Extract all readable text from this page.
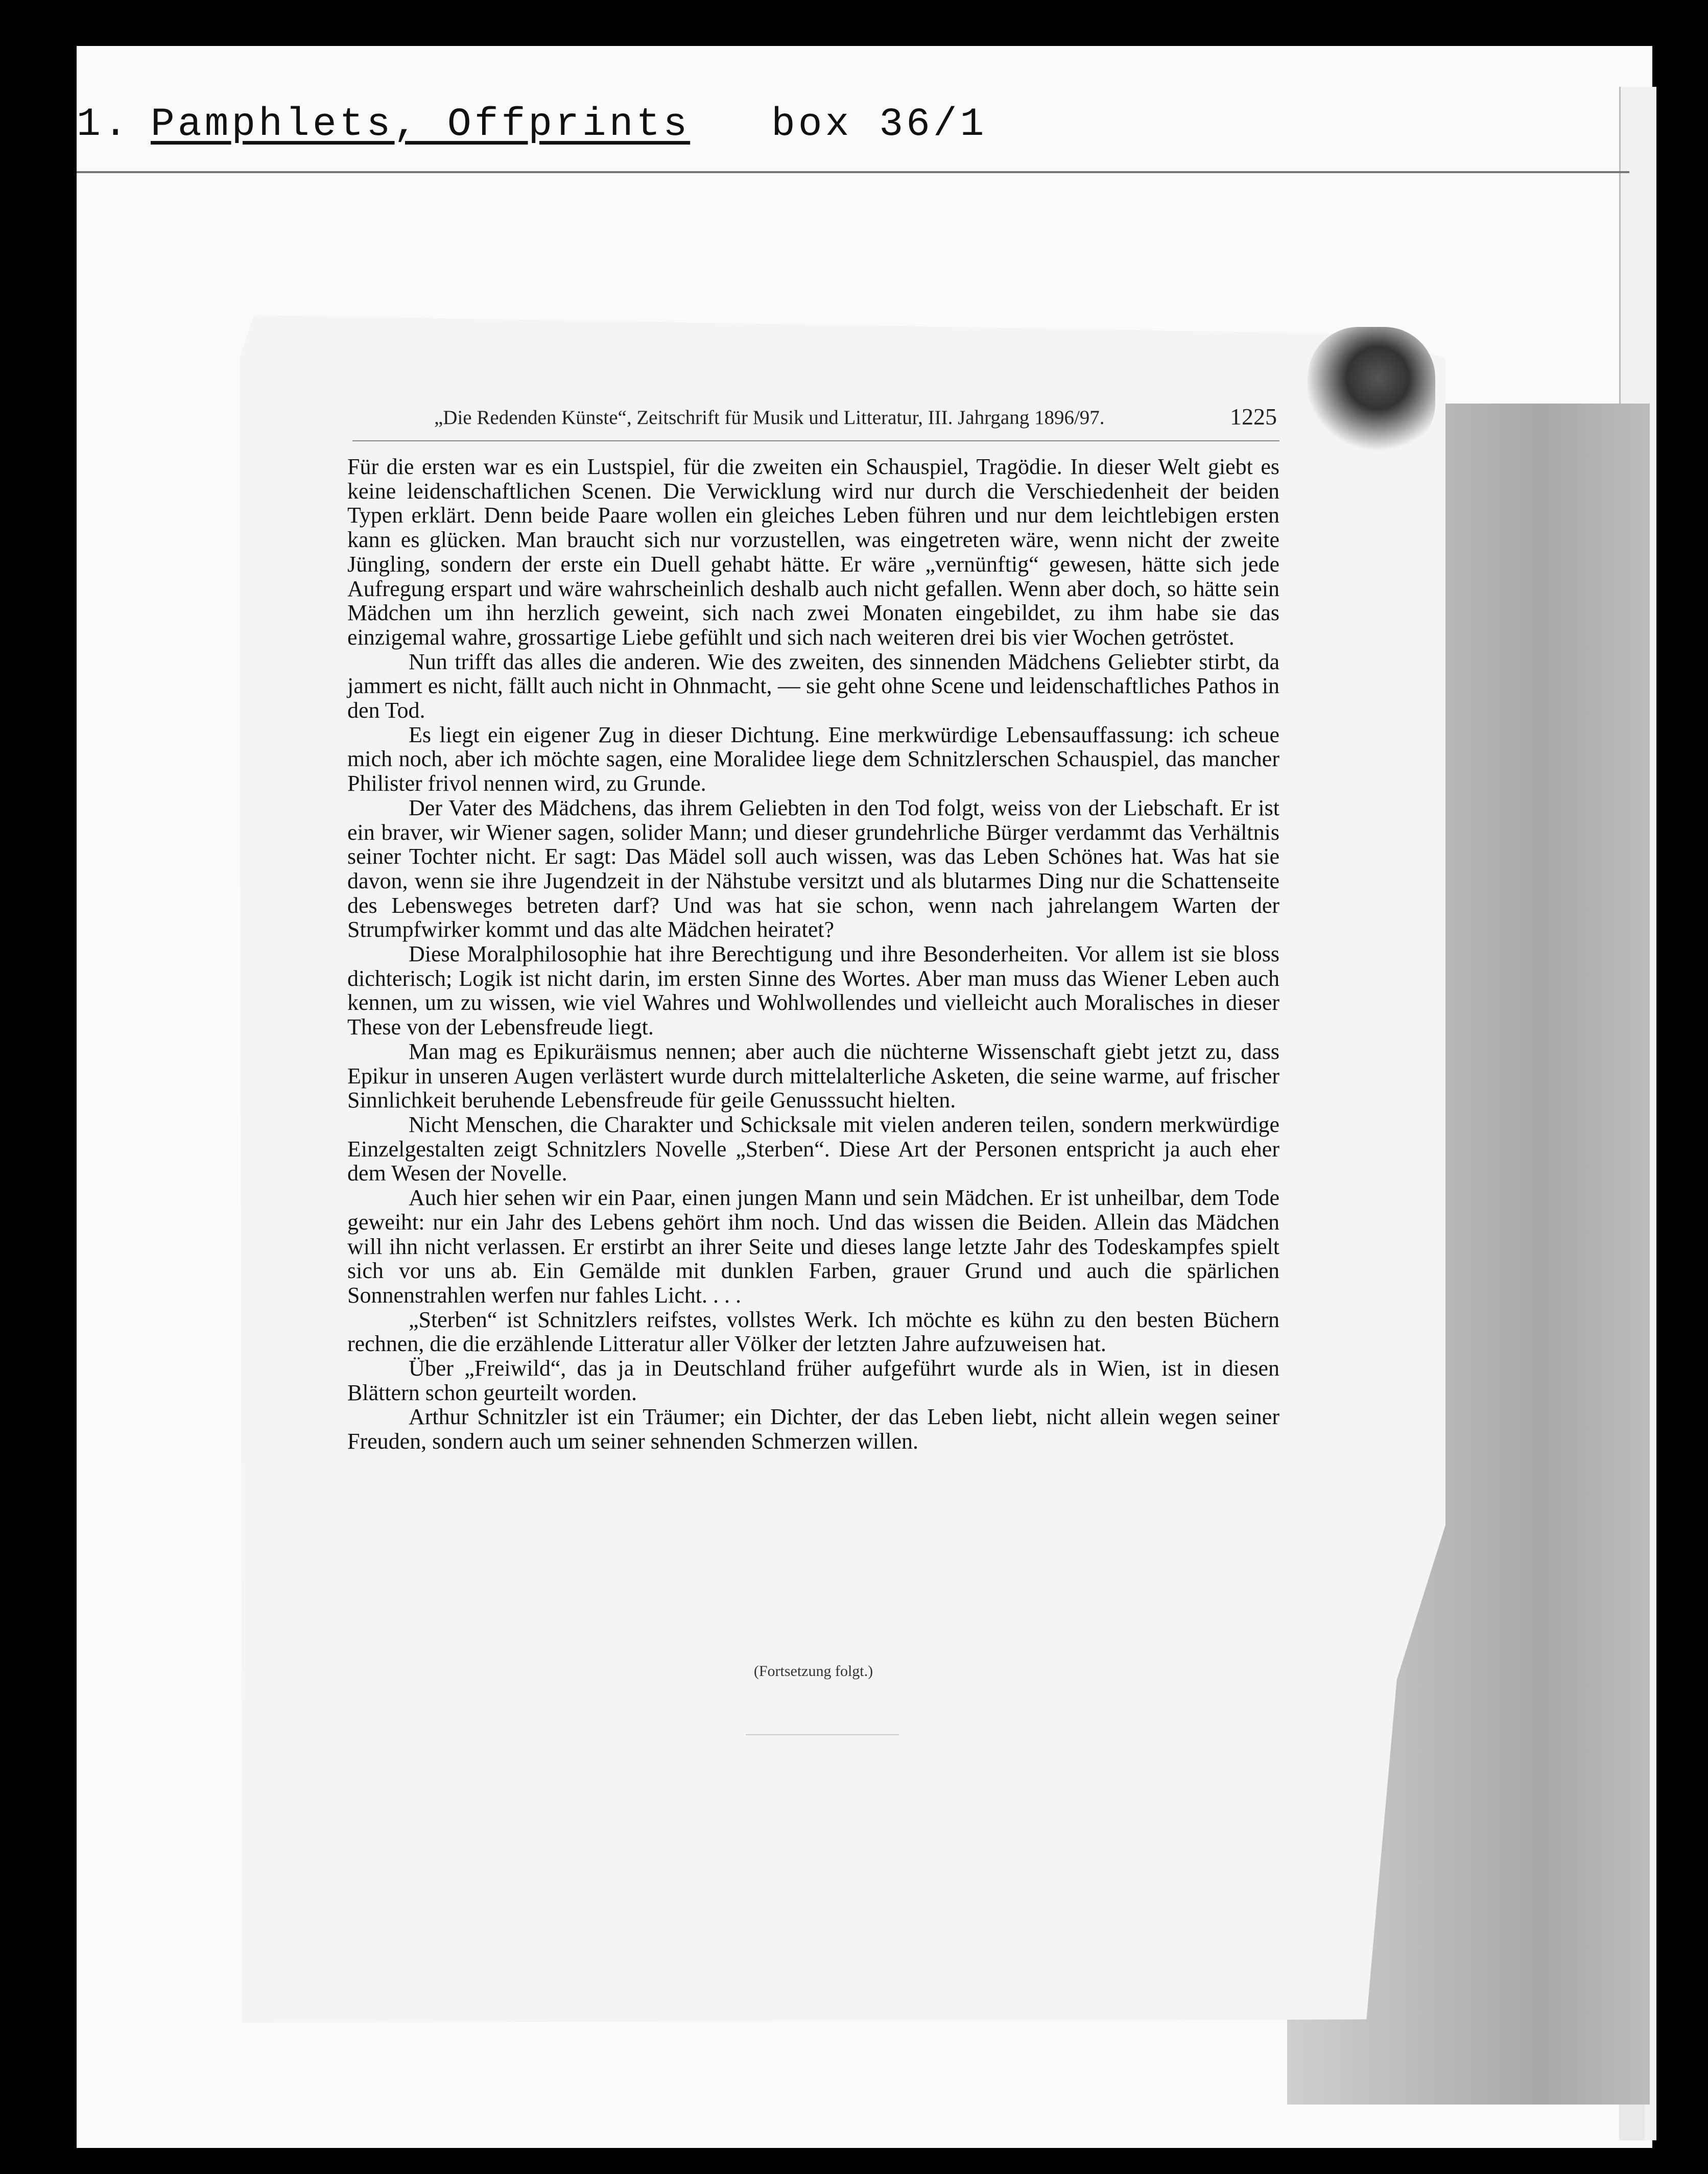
1. Pamphlets, Offprints box 36/1
„Die Redenden Künste“, Zeitschrift für Musik und Litteratur, III. Jahrgang 1896/97.	1225

Für die ersten war es ein Lustspiel, für die zweiten ein Schauspiel, Tragödie. In dieser Welt giebt es keine leidenschaftlichen Scenen. Die Verwicklung wird nur durch die Verschiedenheit der beiden Typen erklärt. Denn beide Paare wollen ein gleiches Leben führen und nur dem leichtlebigen ersten kann es glücken. Man braucht sich nur vorzustellen, was eingetreten wäre, wenn nicht der zweite Jüngling, sondern der erste ein Duell gehabt hätte. Er wäre „vernünftig“ gewesen, hätte sich jede Aufregung erspart und wäre wahrscheinlich deshalb auch nicht gefallen. Wenn aber doch, so hätte sein Mädchen um ihn herzlich geweint, sich nach zwei Monaten eingebildet, zu ihm habe sie das einzigemal wahre, grossartige Liebe gefühlt und sich nach weiteren drei bis vier Wochen getröstet.

Nun trifft das alles die anderen. Wie des zweiten, des sinnenden Mädchens Geliebter stirbt, da jammert es nicht, fällt auch nicht in Ohnmacht, — sie geht ohne Scene und leidenschaftliches Pathos in den Tod.

Es liegt ein eigener Zug in dieser Dichtung. Eine merkwürdige Lebensauffassung: ich scheue mich noch, aber ich möchte sagen, eine Moralidee liege dem Schnitzlerschen Schauspiel, das mancher Philister frivol nennen wird, zu Grunde.

Der Vater des Mädchens, das ihrem Geliebten in den Tod folgt, weiss von der Liebschaft. Er ist ein braver, wir Wiener sagen, solider Mann; und dieser grundehrliche Bürger verdammt das Verhältnis seiner Tochter nicht. Er sagt: Das Mädel soll auch wissen, was das Leben Schönes hat. Was hat sie davon, wenn sie ihre Jugendzeit in der Nähstube versitzt und als blutarmes Ding nur die Schattenseite des Lebensweges betreten darf? Und was hat sie schon, wenn nach jahrelangem Warten der Strumpfwirker kommt und das alte Mädchen heiratet?

Diese Moralphilosophie hat ihre Berechtigung und ihre Besonderheiten. Vor allem ist sie bloss dichterisch; Logik ist nicht darin, im ersten Sinne des Wortes. Aber man muss das Wiener Leben auch kennen, um zu wissen, wie viel Wahres und Wohlwollendes und vielleicht auch Moralisches in dieser These von der Lebensfreude liegt.

Man mag es Epikuräismus nennen; aber auch die nüchterne Wissenschaft giebt jetzt zu, dass Epikur in unseren Augen verlästert wurde durch mittelalterliche Asketen, die seine warme, auf frischer Sinnlichkeit beruhende Lebensfreude für geile Genusssucht hielten.

Nicht Menschen, die Charakter und Schicksale mit vielen anderen teilen, sondern merkwürdige Einzelgestalten zeigt Schnitzlers Novelle „Sterben“. Diese Art der Personen entspricht ja auch eher dem Wesen der Novelle.

Auch hier sehen wir ein Paar, einen jungen Mann und sein Mädchen. Er ist unheilbar, dem Tode geweiht: nur ein Jahr des Lebens gehört ihm noch. Und das wissen die Beiden. Allein das Mädchen will ihn nicht verlassen. Er erstirbt an ihrer Seite und dieses lange letzte Jahr des Todeskampfes spielt sich vor uns ab. Ein Gemälde mit dunklen Farben, grauer Grund und auch die spärlichen Sonnenstrahlen werfen nur fahles Licht. . . .

„Sterben“ ist Schnitzlers reifstes, vollstes Werk. Ich möchte es kühn zu den besten Büchern rechnen, die die erzählende Litteratur aller Völker der letzten Jahre aufzuweisen hat.

Über „Freiwild“, das ja in Deutschland früher aufgeführt wurde als in Wien, ist in diesen Blättern schon geurteilt worden.

Arthur Schnitzler ist ein Träumer; ein Dichter, der das Leben liebt, nicht allein wegen seiner Freuden, sondern auch um seiner sehnenden Schmerzen willen.

(Fortsetzung folgt.)
